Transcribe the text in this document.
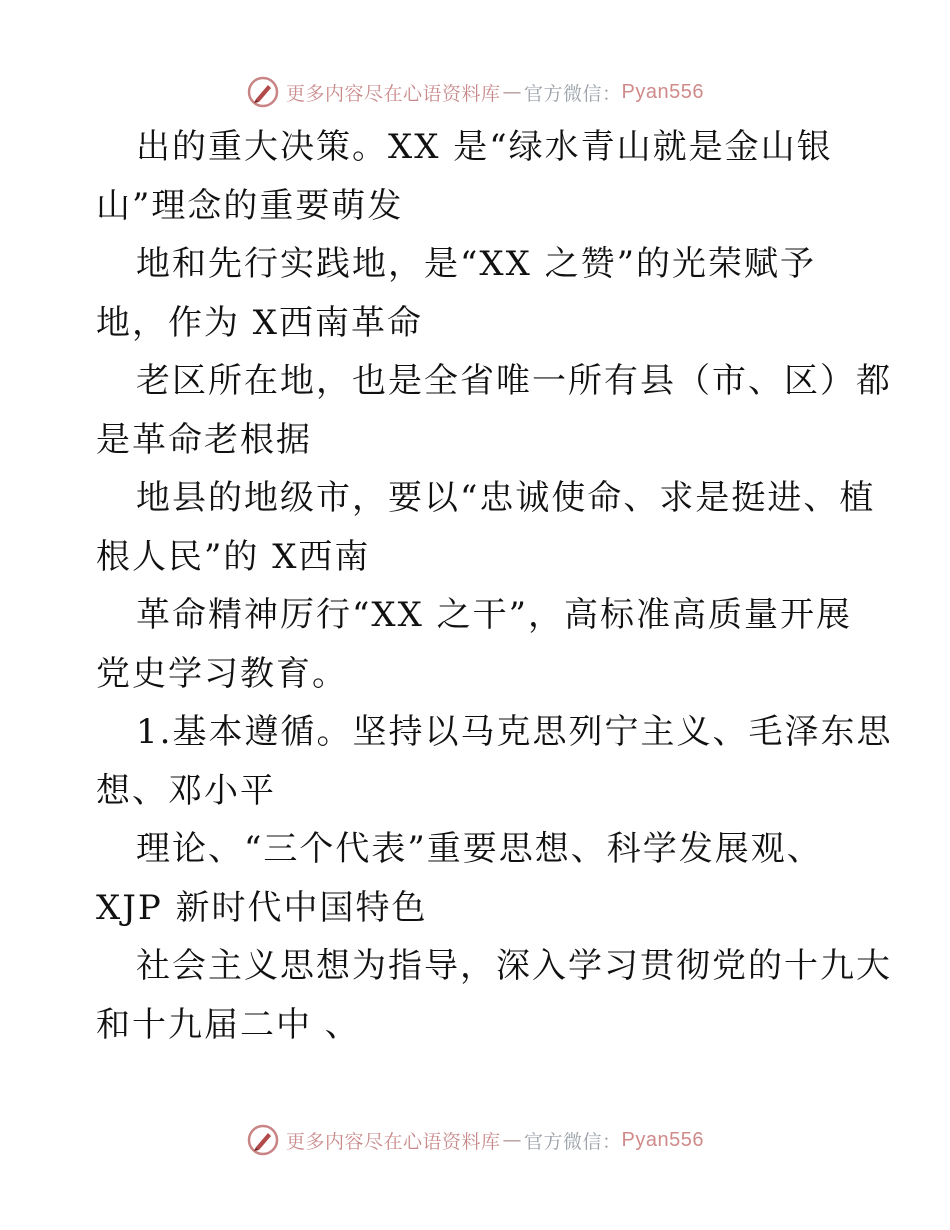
更多内容尽在心语资料库 — 官方微信： Pyan556
出的重大决策。XX 是“绿水青山就是金山银
山”理念的重要萌发
地和先行实践地，是“XX 之赞”的光荣赋予
地，作为 X西南革命
老区所在地，也是全省唯一所有县（市、区）都
是革命老根据
地县的地级市，要以“忠诚使命、求是挺进、植
根人民”的 X西南
革命精神厉行“XX 之干”，高标准高质量开展
党史学习教育。
1.基本遵循。坚持以马克思列宁主义、毛泽东思
想、邓小平
理论、“三个代表”重要思想、科学发展观、
XJP 新时代中国特色
社会主义思想为指导，深入学习贯彻党的十九大
和十九届二中 、
更多内容尽在心语资料库 — 官方微信： Pyan556
